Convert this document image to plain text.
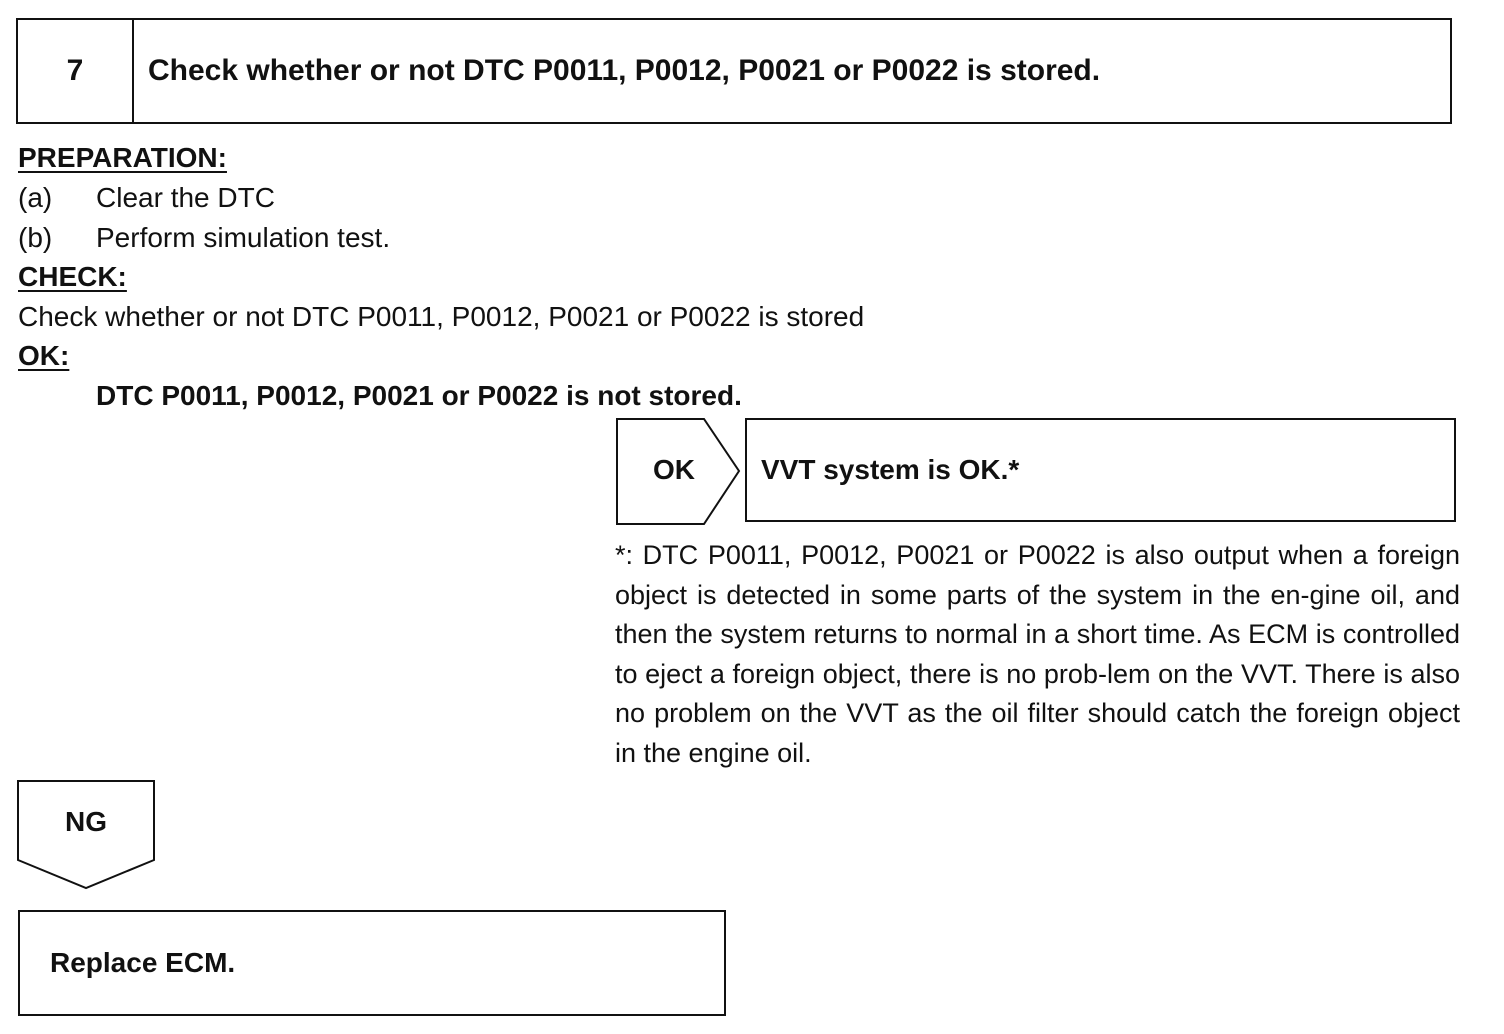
7	Check whether or not DTC P0011, P0012, P0021 or P0022 is stored.
PREPARATION:
(a) Clear the DTC
(b) Perform simulation test.
CHECK:
Check whether or not DTC P0011, P0012, P0021 or P0022 is stored
OK:
DTC P0011, P0012, P0021 or P0022 is not stored.
OK	VVT system is OK.*
*: DTC P0011, P0012, P0021 or P0022 is also output when a foreign object is detected in some parts of the system in the en-gine oil, and then the system returns to normal in a short time. As ECM is controlled to eject a foreign object, there is no prob-lem on the VVT. There is also no problem on the VVT as the oil filter should catch the foreign object in the engine oil.
NG
Replace ECM.
